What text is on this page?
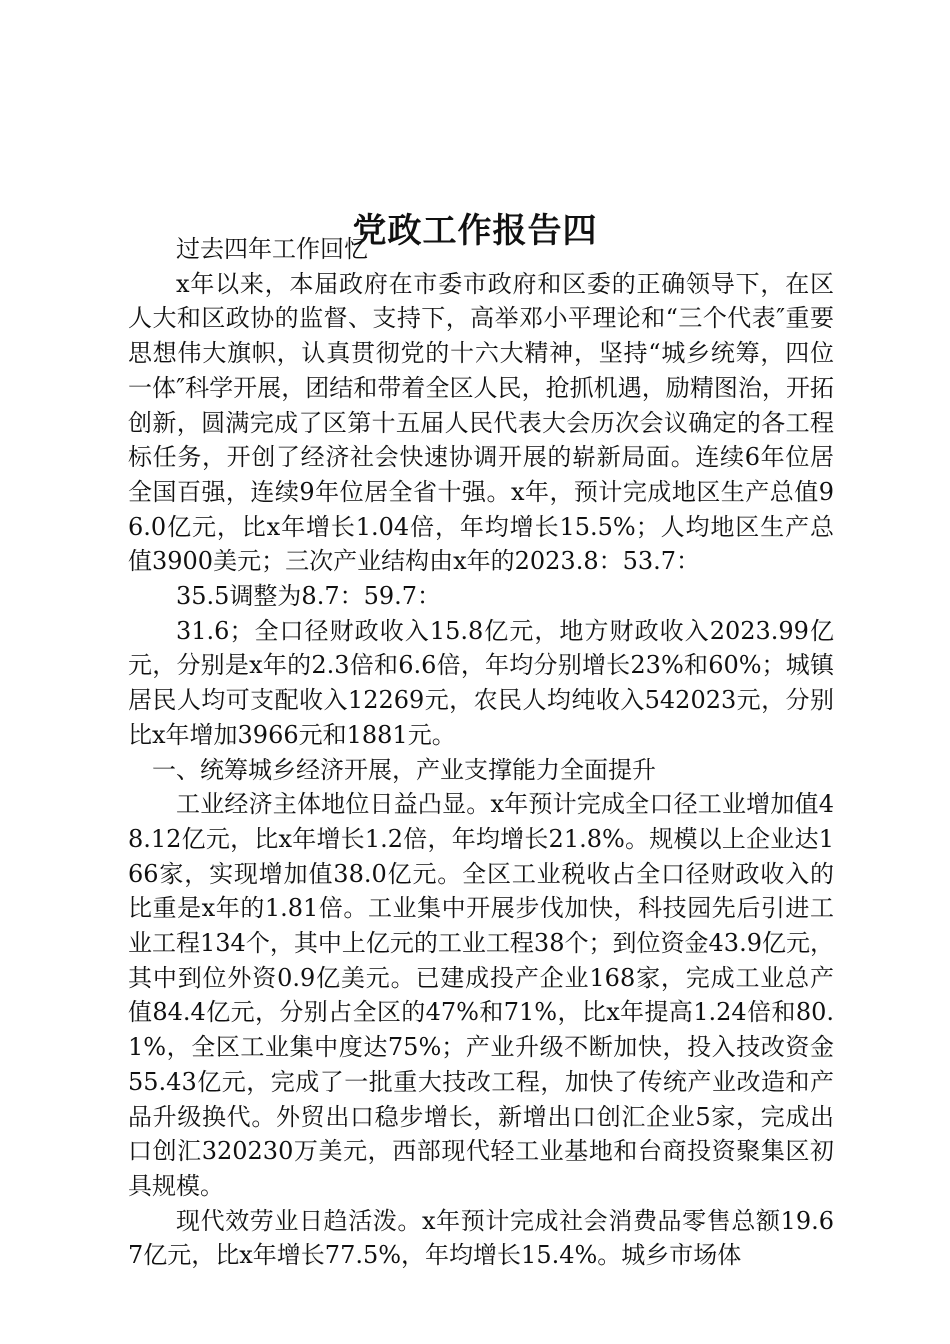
党政工作报告四

过去四年工作回忆

x年以来，本届政府在市委市政府和区委的正确领导下，在区人大和区政协的监督、支持下，高举邓小平理论和“三个代表″重要思想伟大旗帜，认真贯彻党的十六大精神，坚持“城乡统筹，四位一体″科学开展，团结和带着全区人民，抢抓机遇，励精图治，开拓创新，圆满完成了区第十五届人民代表大会历次会议确定的各工程标任务，开创了经济社会快速协调开展的崭新局面。连续6年位居全国百强，连续9年位居全省十强。x年，预计完成地区生产总值96.0亿元，比x年增长1.04倍，年均增长15.5%；人均地区生产总值3900美元；三次产业结构由x年的2023.8：53.7：

35.5调整为8.7：59.7：

31.6；全口径财政收入15.8亿元，地方财政收入2023.99亿元，分别是x年的2.3倍和6.6倍，年均分别增长23%和60%；城镇居民人均可支配收入12269元，农民人均纯收入542023元，分别比x年增加3966元和1881元。

一、统筹城乡经济开展，产业支撑能力全面提升

工业经济主体地位日益凸显。x年预计完成全口径工业增加值48.12亿元，比x年增长1.2倍，年均增长21.8%。规模以上企业达166家，实现增加值38.0亿元。全区工业税收占全口径财政收入的比重是x年的1.81倍。工业集中开展步伐加快，科技园先后引进工业工程134个，其中上亿元的工业工程38个；到位资金43.9亿元，其中到位外资0.9亿美元。已建成投产企业168家，完成工业总产值84.4亿元，分别占全区的47%和71%，比x年提高1.24倍和80.1%，全区工业集中度达75%；产业升级不断加快，投入技改资金55.43亿元，完成了一批重大技改工程，加快了传统产业改造和产品升级换代。外贸出口稳步增长，新增出口创汇企业5家，完成出口创汇320230万美元，西部现代轻工业基地和台商投资聚集区初具规模。

现代效劳业日趋活泼。x年预计完成社会消费品零售总额19.67亿元，比x年增长77.5%，年均增长15.4%。城乡市场体
